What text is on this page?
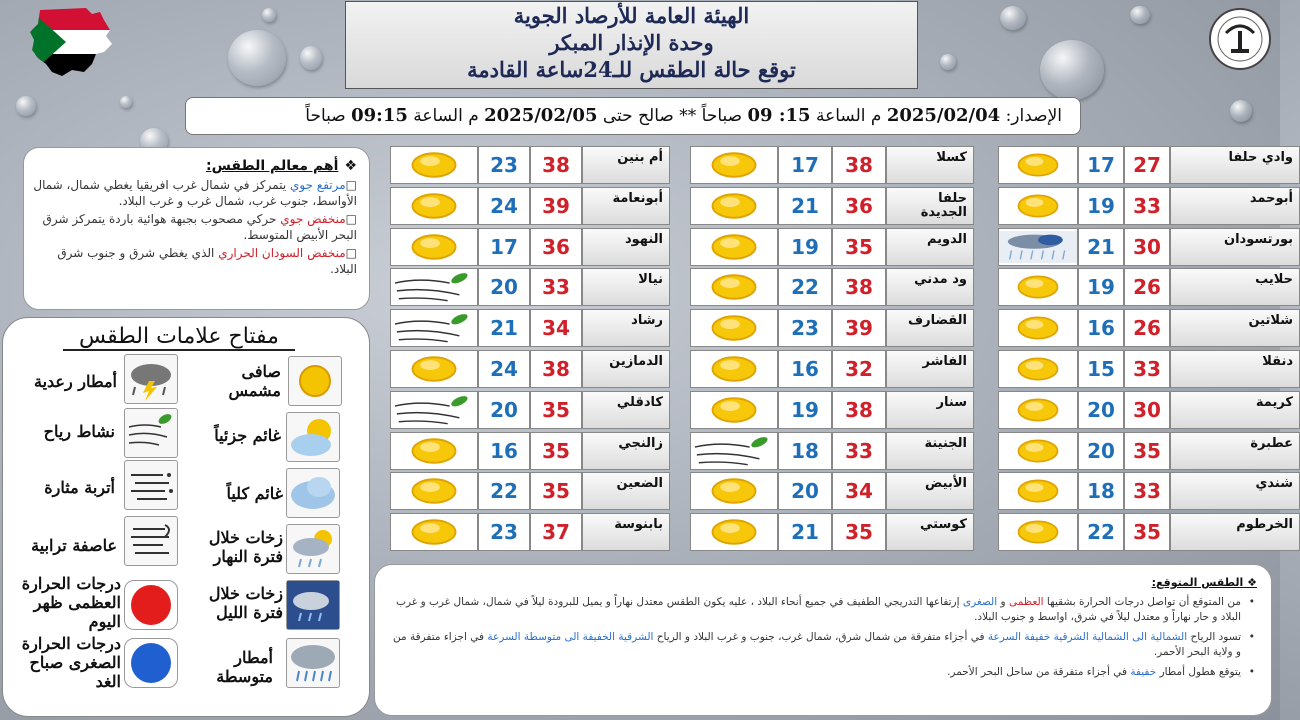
الهيئة العامة للأرصاد الجوية
وحدة الإنذار المبكر
توقع حالة الطقس للـ24ساعة القادمة
الإصدار: 2025/02/04 م الساعة 15: 09 صباحاً ** صالح حتى 2025/02/05 م الساعة 09:15 صباحاً
❖أهم معالم الطقس:

□مرتفع جوي يتمركز في شمال غرب افريقيا يغطي شمال، شمال الأواسط، جنوب غرب، شمال غرب و غرب البلاد.

□منخفض جوي حركي مصحوب بجبهة هوائية باردة يتمركز شرق البحر الأبيض المتوسط.

□منخفض السودان الحراري الذي يغطي شرق و جنوب شرق البلاد.

مفتاح علامات الطقس
صافى مشمس
أمطار رعدية
غائم جزئياً
نشاط رياح
غائم كلياً
أتربة مثارة
زخات خلال فترة النهار
عاصفة ترابية
زخات خلال فترة الليل
درجات الحرارة العظمى ظهر اليوم
أمطار متوسطة
درجات الحرارة الصغرى صباح الغد
وادي حلفا
27
17
أبوحمد
33
19
بورتسودان
30
21
حلايب
26
19
شلاتين
26
16
دنقلا
33
15
كريمة
30
20
عطبرة
35
20
شندي
33
18
الخرطوم
35
22
كسلا
38
17
حلفا الجديدة
36
21
الدويم
35
19
ود مدني
38
22
القضارف
39
23
الفاشر
32
16
سنار
38
19
الجنينة
33
18
الأبيض
34
20
كوستي
35
21
أم بنين
38
23
أبونعامة
39
24
النهود
36
17
نيالا
33
20
رشاد
34
21
الدمازين
38
24
كادقلي
35
20
زالنجي
35
16
الضعين
35
22
بابنوسة
37
23
❖ الطقس المتوقع:

• من المتوقع أن تواصل درجات الحرارة بشقيها العظمى و الصغرى إرتفاعها التدريجي الطفيف في جميع أنحاء البلاد ، عليه يكون الطقس معتدل نهاراً و يميل للبرودة ليلاً في شمال، شمال غرب و غرب البلاد و حار نهاراً و معتدل ليلاً في شرق، اواسط و جنوب البلاد.

• تسود الرياح الشمالية الى الشمالية الشرقية خفيفة السرعة في أجزاء متفرقة من شمال شرق، شمال غرب، جنوب و غرب البلاد و الرياح الشرقية الخفيفة الى متوسطة السرعة في اجزاء متفرقة من و ولاية البحر الأحمر.

• يتوقع هطول أمطار خفيفة في أجزاء متفرقة من ساحل البحر الأحمر.
